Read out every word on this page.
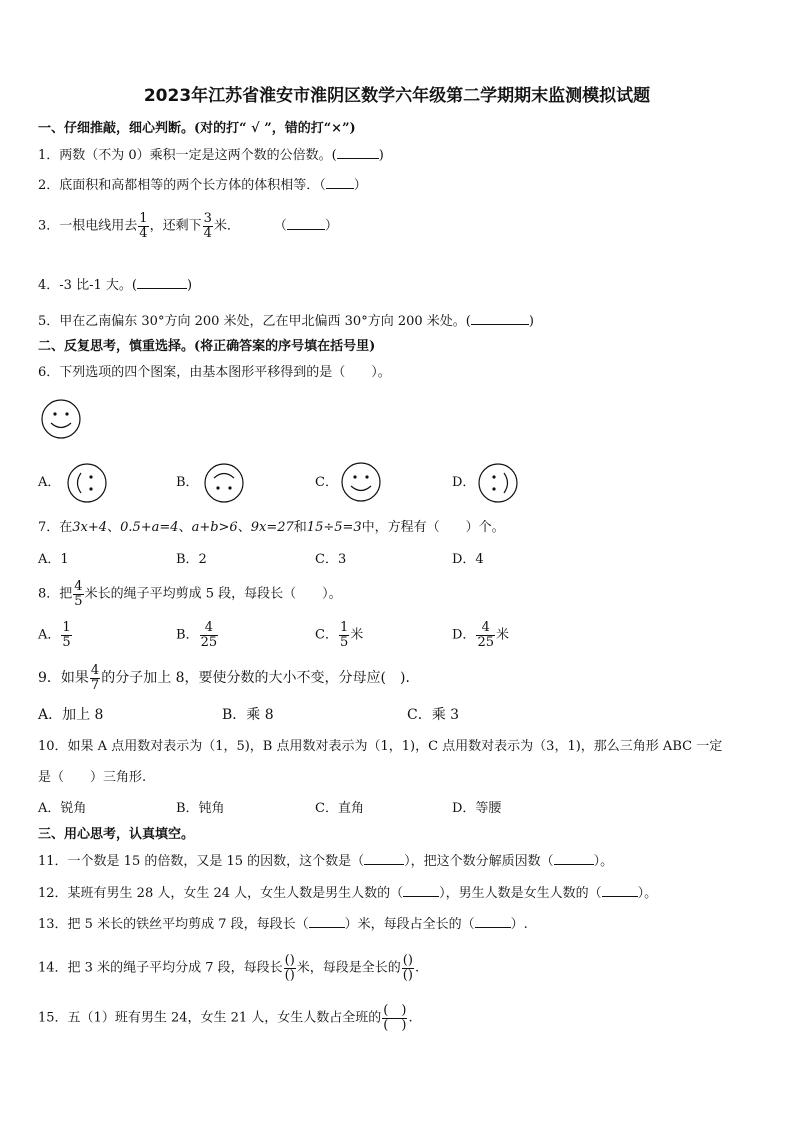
2023年江苏省淮安市淮阴区数学六年级第二学期期末监测模拟试题
一、仔细推敲，细心判断。(对的打“ √ ”，错的打“×”)
1．两数（不为 0）乘积一定是这两个数的公倍数。(	)
2．底面积和高都相等的两个长方体的体积相等．（ ）
3．一根电线用去 $\frac{1}{4}$ ，还剩下 $\frac{3}{4}$ 米．	（	）
4．-3 比-1 大。(	)
5．甲在乙南偏东 30°方向 200 米处，乙在甲北偏西 30°方向 200 米处。(	)
二、反复思考，慎重选择。(将正确答案的序号填在括号里)
6．下列选项的四个图案，由基本图形平移得到的是（　　）。
A．	B．	C．	D．
7．在3x+4、0.5+a=4、a+b>6、9x=27和15÷5=3中，方程有（　　）个。
A．1	B．2	C．3	D．4
8．把 $\frac{4}{5}$ 米长的绳子平均剪成 5 段，每段长（　　）。
A． $\frac{1}{5}$	B． $\frac{4}{25}$	C． $\frac{1}{5}$ 米	D． $\frac{4}{25}$ 米
9．如果 $\frac{4}{7}$ 的分子加上 8，要使分数的大小不变，分母应(　)．
A．加上 8	B．乘 8	C．乘 3
10．如果 A 点用数对表示为（1，5)，B 点用数对表示为（1，1)，C 点用数对表示为（3，1)，那么三角形 ABC 一定
是（　　）三角形.
A．锐角	B．钝角	C．直角	D．等腰
三、用心思考，认真填空。
11．一个数是 15 的倍数，又是 15 的因数，这个数是（	），把这个数分解质因数（	）。
12．某班有男生 28 人，女生 24 人，女生人数是男生人数的（	），男生人数是女生人数的（	）。
13．把 5 米长的铁丝平均剪成 7 段，每段长（	）米，每段占全长的（	）.
14．把 3 米的绳子平均分成 7 段，每段长 $\frac{()}{()}$ 米，每段是全长的 $\frac{()}{()}$ .
15．五（1）班有男生 24，女生 21 人，女生人数占全班的 $\frac{( )}{( )}$ .
